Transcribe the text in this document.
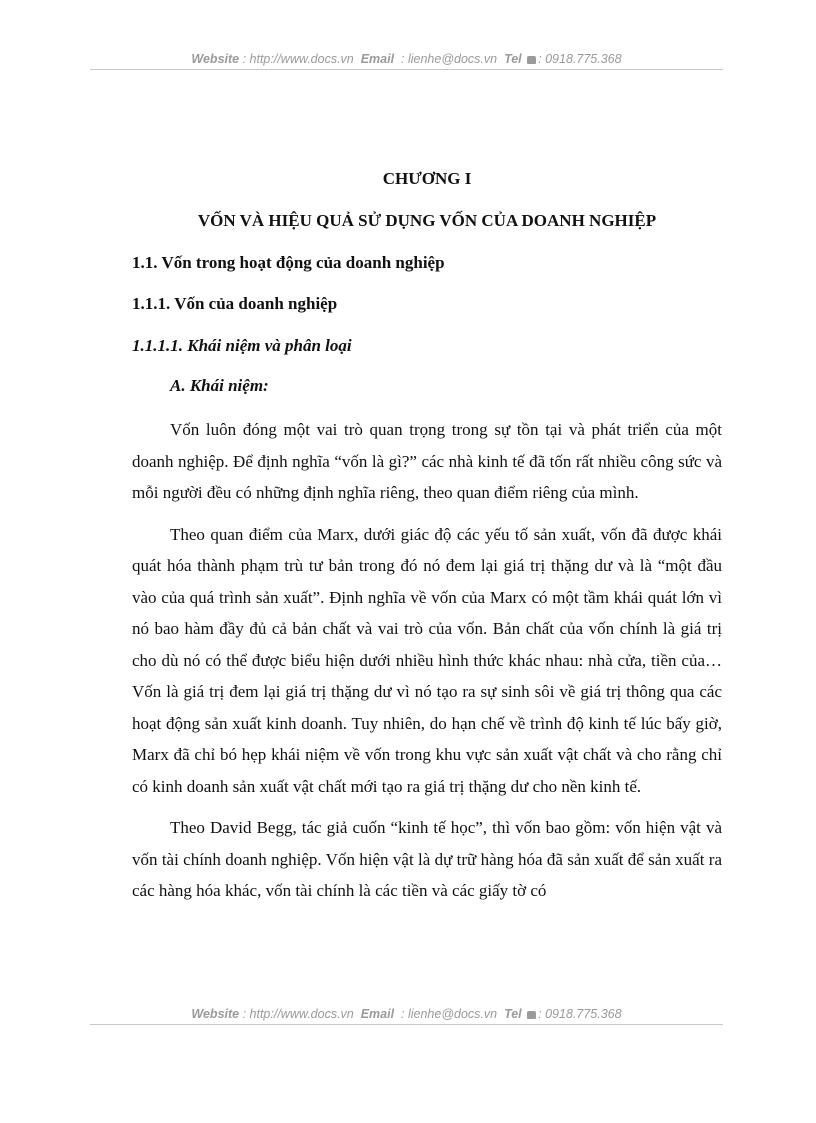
Website : http://www.docs.vn Email : lienhe@docs.vn Tel : 0918.775.368
CHƯƠNG I
VỐN VÀ HIỆU QUẢ SỬ DỤNG VỐN CỦA DOANH NGHIỆP
1.1. Vốn trong hoạt động của doanh nghiệp
1.1.1. Vốn của doanh nghiệp
1.1.1.1. Khái niệm và phân loại
A. Khái niệm:

Vốn luôn đóng một vai trò quan trọng trong sự tồn tại và phát triển của một doanh nghiệp. Để định nghĩa “vốn là gì?” các nhà kinh tế đã tốn rất nhiều công sức và mỗi người đều có những định nghĩa riêng, theo quan điểm riêng của mình.

Theo quan điểm của Marx, dưới giác độ các yếu tố sản xuất, vốn đã được khái quát hóa thành phạm trù tư bản trong đó nó đem lại giá trị thặng dư và là “một đầu vào của quá trình sản xuất”. Định nghĩa về vốn của Marx có một tầm khái quát lớn vì nó bao hàm đầy đủ cả bản chất và vai trò của vốn. Bản chất của vốn chính là giá trị cho dù nó có thể được biểu hiện dưới nhiều hình thức khác nhau: nhà cửa, tiền của…Vốn là giá trị đem lại giá trị thặng dư vì nó tạo ra sự sinh sôi về giá trị thông qua các hoạt động sản xuất kinh doanh. Tuy nhiên, do hạn chế về trình độ kinh tế lúc bấy giờ, Marx đã chỉ bó hẹp khái niệm về vốn trong khu vực sản xuất vật chất và cho rằng chỉ có kinh doanh sản xuất vật chất mới tạo ra giá trị thặng dư cho nền kinh tế.

Theo David Begg, tác giả cuốn “kinh tế học”, thì vốn bao gồm: vốn hiện vật và vốn tài chính doanh nghiệp. Vốn hiện vật là dự trữ hàng hóa đã sản xuất để sản xuất ra các hàng hóa khác, vốn tài chính là các tiền và các giấy tờ có

Website : http://www.docs.vn Email : lienhe@docs.vn Tel : 0918.775.368
